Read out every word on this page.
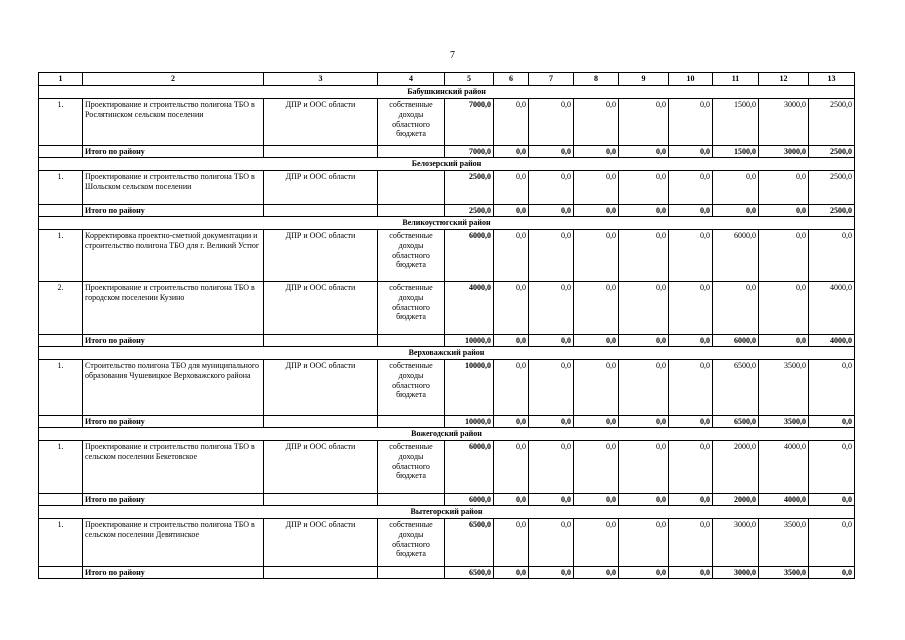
7
1	2	3	4	5	6	7	8	9	10	11	12	13
Бабушкинский район												
1.	Проектирование и строительство полигона ТБО в Рослятинском сельском поселении	ДПР и ООС области	собственные доходы областного бюджета	7000,0	0,0	0,0	0,0	0,0	0,0	1500,0	3000,0	2500,0
	Итого по району			7000,0	0,0	0,0	0,0	0,0	0,0	1500,0	3000,0	2500,0
Белозерский район												
1.	Проектирование и строительство полигона ТБО в Шольском сельском поселении	ДПР и ООС области		2500,0	0,0	0,0	0,0	0,0	0,0	0,0	0,0	2500,0
	Итого по району			2500,0	0,0	0,0	0,0	0,0	0,0	0,0	0,0	2500,0
Великоустюгский район												
1.	Корректировка проектно-сметной документации и строительство полигона ТБО для г. Великий Устюг	ДПР и ООС области	собственные доходы областного бюджета	6000,0	0,0	0,0	0,0	0,0	0,0	6000,0	0,0	0,0
2.	Проектирование и строительство полигона ТБО в городском поселении Кузино	ДПР и ООС области	собственные доходы областного бюджета	4000,0	0,0	0,0	0,0	0,0	0,0	0,0	0,0	4000,0
	Итого по району			10000,0	0,0	0,0	0,0	0,0	0,0	6000,0	0,0	4000,0
Верховажский район												
1.	Строительство полигона ТБО для муниципального образования Чушевицкое Верховажского района	ДПР и ООС области	собственные доходы областного бюджета	10000,0	0,0	0,0	0,0	0,0	0,0	6500,0	3500,0	0,0
	Итого по району			10000,0	0,0	0,0	0,0	0,0	0,0	6500,0	3500,0	0,0
Вожегодский район												
1.	Проектирование и строительство полигона ТБО в сельском поселении Бекетовское	ДПР и ООС области	собственные доходы областного бюджета	6000,0	0,0	0,0	0,0	0,0	0,0	2000,0	4000,0	0,0
	Итого по району			6000,0	0,0	0,0	0,0	0,0	0,0	2000,0	4000,0	0,0
Вытегорский район												
1.	Проектирование и строительство полигона ТБО в сельском поселении Девятинское	ДПР и ООС области	собственные доходы областного бюджета	6500,0	0,0	0,0	0,0	0,0	0,0	3000,0	3500,0	0,0
	Итого по району			6500,0	0,0	0,0	0,0	0,0	0,0	3000,0	3500,0	0,0
